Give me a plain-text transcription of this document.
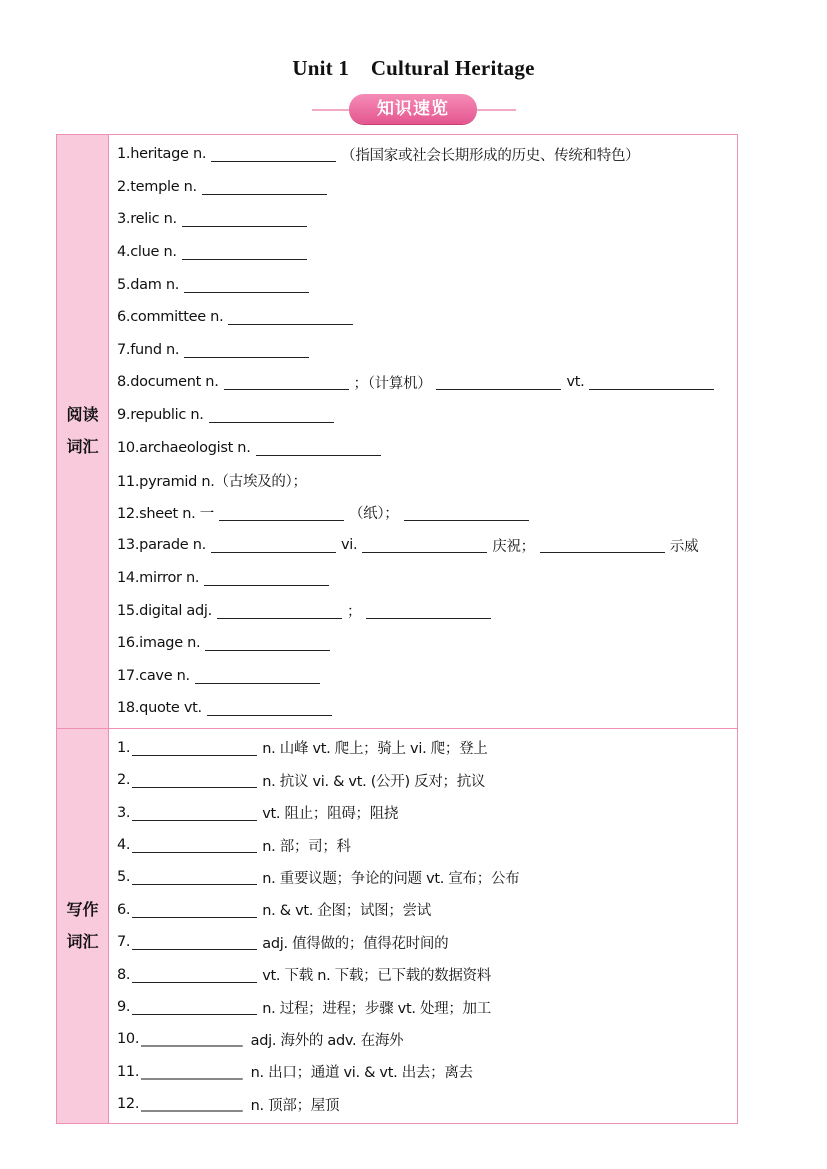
Unit 1    Cultural Heritage
知识速览
阅读词汇
1.heritage n.	（指国家或社会长期形成的历史、传统和特色）
2.temple n.
3.relic n.
4.clue n.
5.dam n.
6.committee n.
7.fund n.
8.document n.	；（计算机）	vt.
9.republic n.
10.archaeologist n.
11.pyramid n.（古埃及的）；
12.sheet n. 一	（纸）；
13.parade n.	vi.	庆祝；	示威
14.mirror n.
15.digital adj.	；
16.image n.
17.cave n.
18.quote vt.
写作词汇
1.	n. 山峰 vt. 爬上；骑上 vi. 爬；登上
2.	n. 抗议 vi. & vt. (公开) 反对；抗议
3.	vt. 阻止；阻碍；阻挠
4.	n. 部；司；科
5.	n. 重要议题；争论的问题 vt. 宣布；公布
6.	n. & vt. 企图；试图；尝试
7.	adj. 值得做的；值得花时间的
8.	vt. 下载 n. 下载；已下载的数据资料
9.	n. 过程；进程；步骤 vt. 处理；加工
10. ______________ adj. 海外的 adv. 在海外
11. ______________ n. 出口；通道 vi. & vt. 出去；离去
12. ______________ n. 顶部；屋顶
